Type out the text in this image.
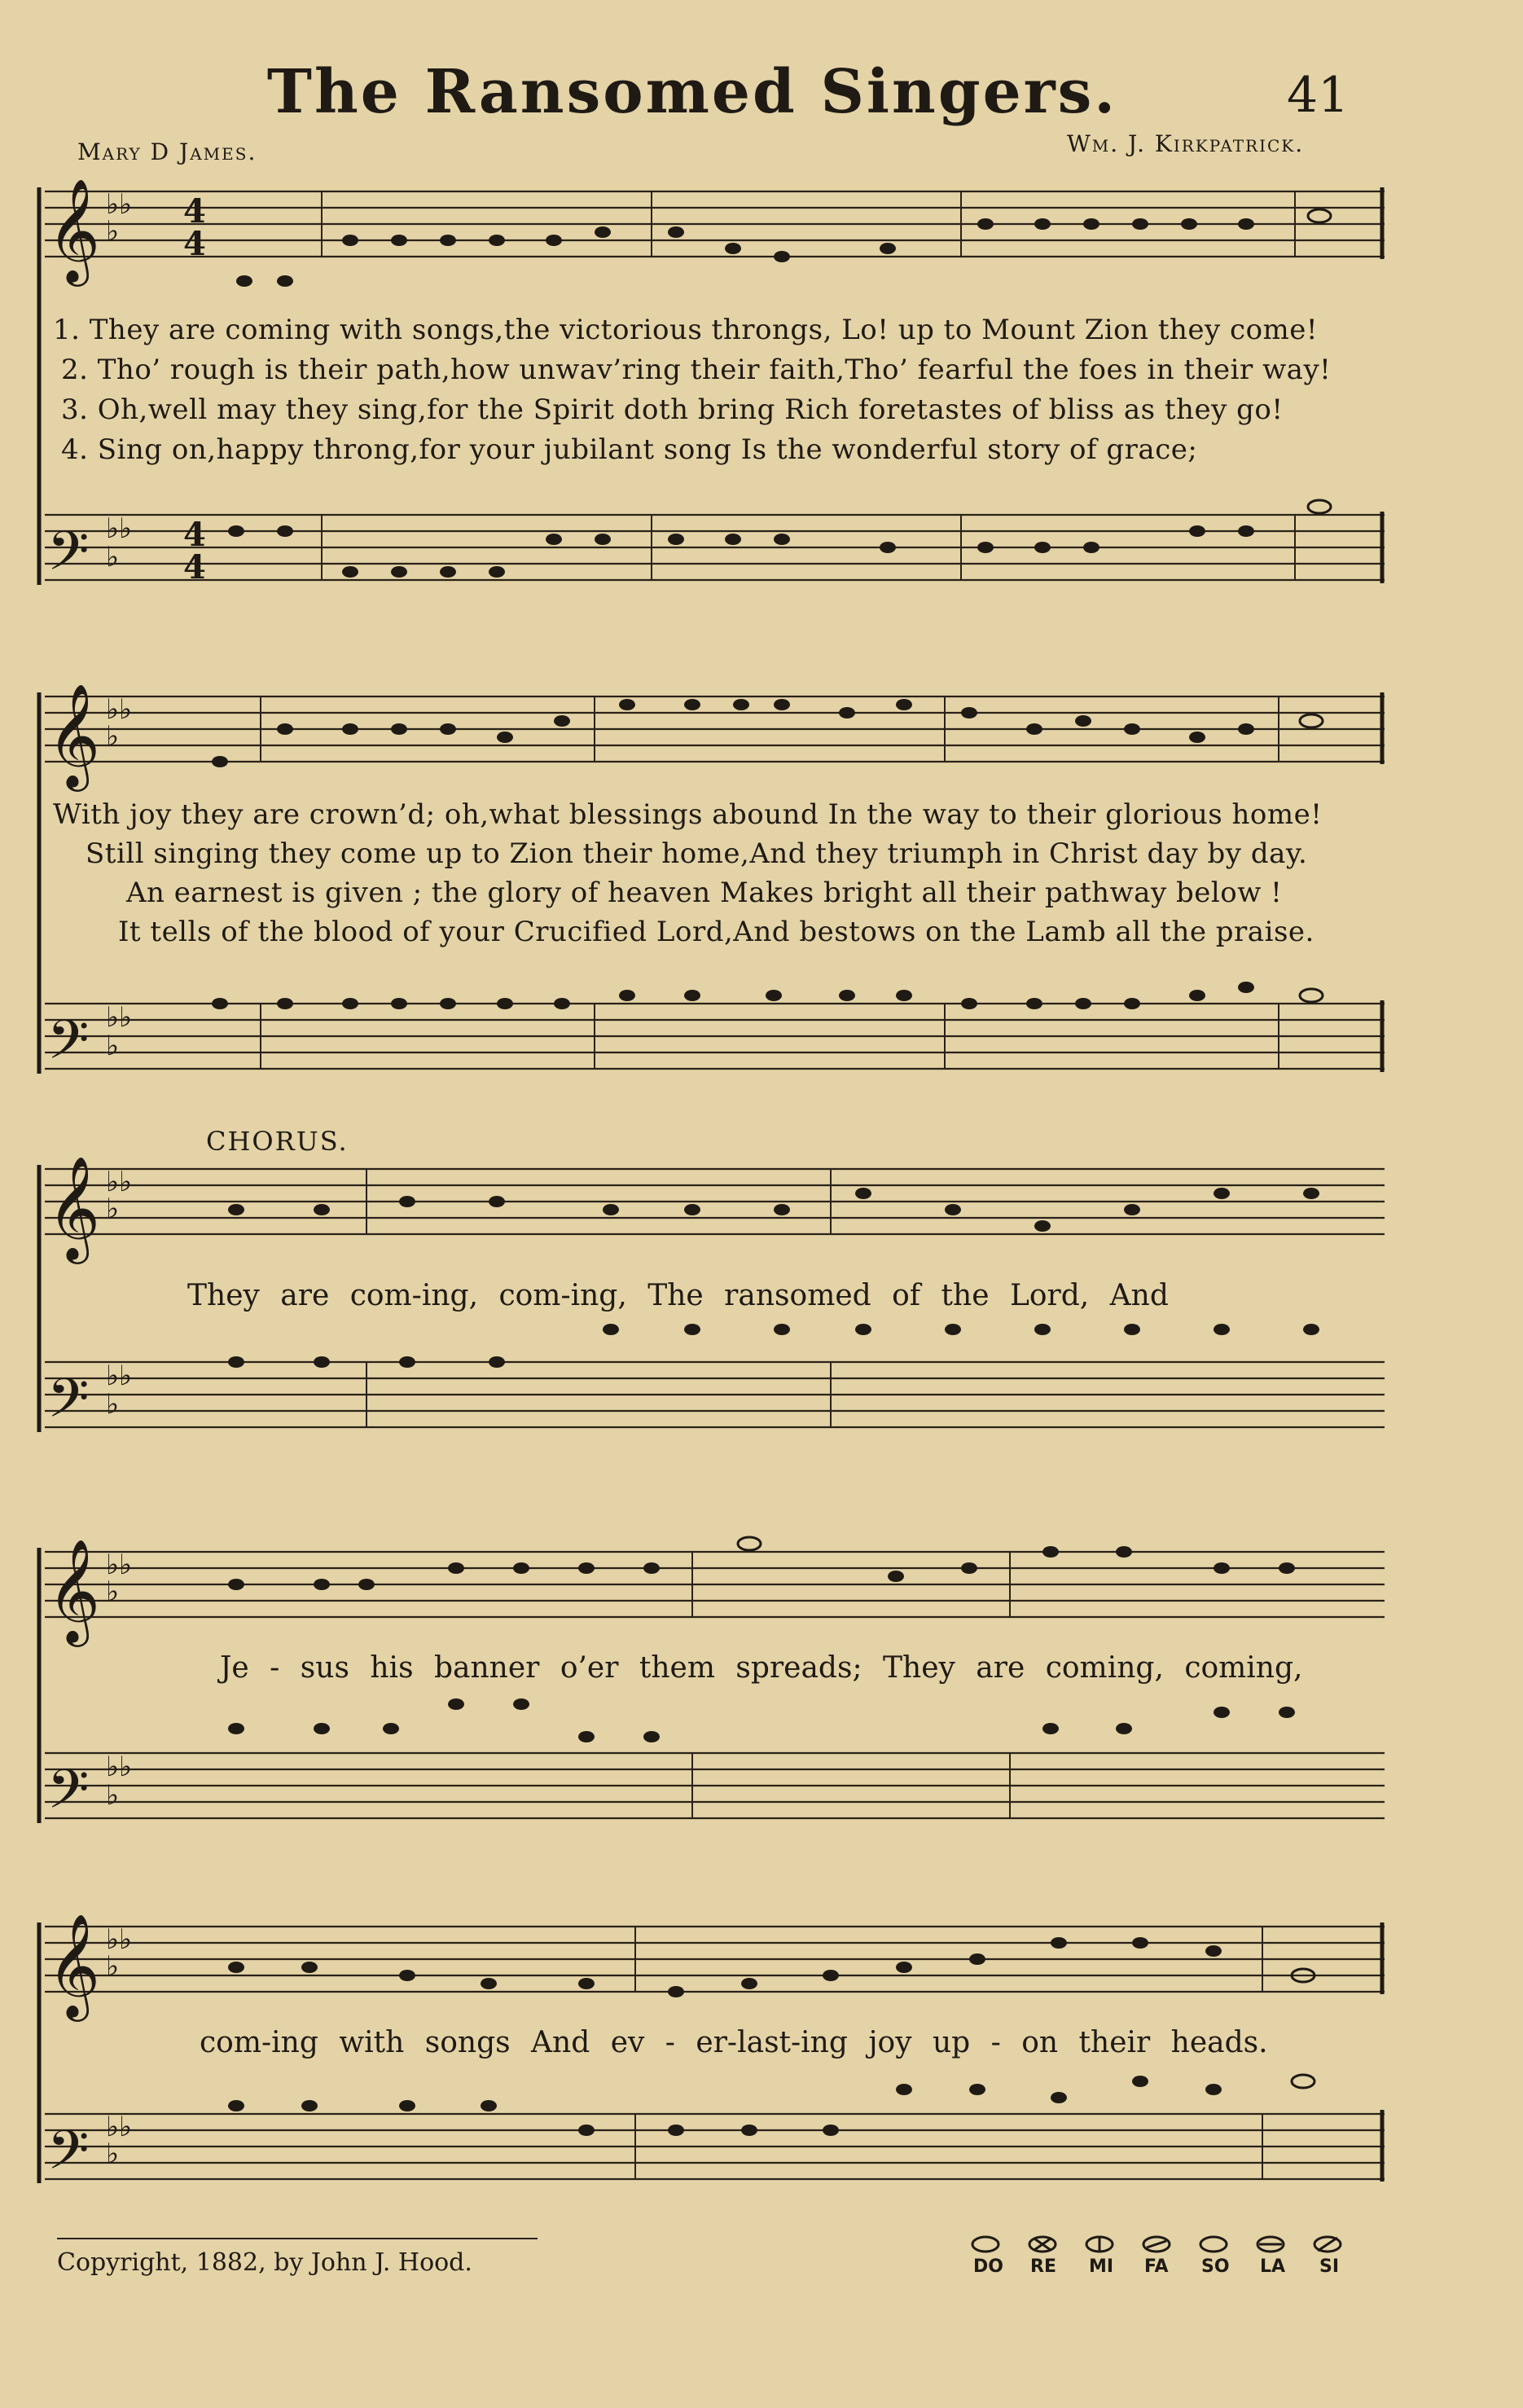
The Ransomed Singers.	41
Mary D James.	Wm. J. Kirkpatrick.
𝄞
𝄢
𝄞
𝄢
𝄞
𝄢
𝄞
𝄢
𝄞
𝄢
♭♭
♭
♭♭
♭
♭♭
♭
♭♭
♭
♭♭
♭
♭♭
♭
♭♭
♭
♭♭
♭
♭♭
♭
♭♭
♭
4
4
4
4
1. They are coming with songs,the victorious throngs, Lo! up to Mount Zion they come!
2. Tho’ rough is their path,how unwav’ring their faith,Tho’ fearful the foes in their way!
3. Oh,well may they sing,for the Spirit doth bring Rich foretastes of bliss as they go!
4. Sing on,happy throng,for your jubilant song Is the wonderful story of grace;
With joy they are crown’d; oh,what blessings abound In the way to their glorious home!
Still singing they come up to Zion their home,And they triumph in Christ day by day.
An earnest is given ; the glory of heaven Makes bright all their pathway below !
It tells of the blood of your Crucified Lord,And bestows on the Lamb all the praise.
CHORUS.
They are com-ing, com-ing, The ransomed of the Lord, And
Je - sus his banner o’er them spreads; They are coming, coming,
com-ing with songs And ev - er-last-ing joy up - on their heads.
Copyright, 1882, by John J. Hood.	DO RE MI FA SO LA SI
